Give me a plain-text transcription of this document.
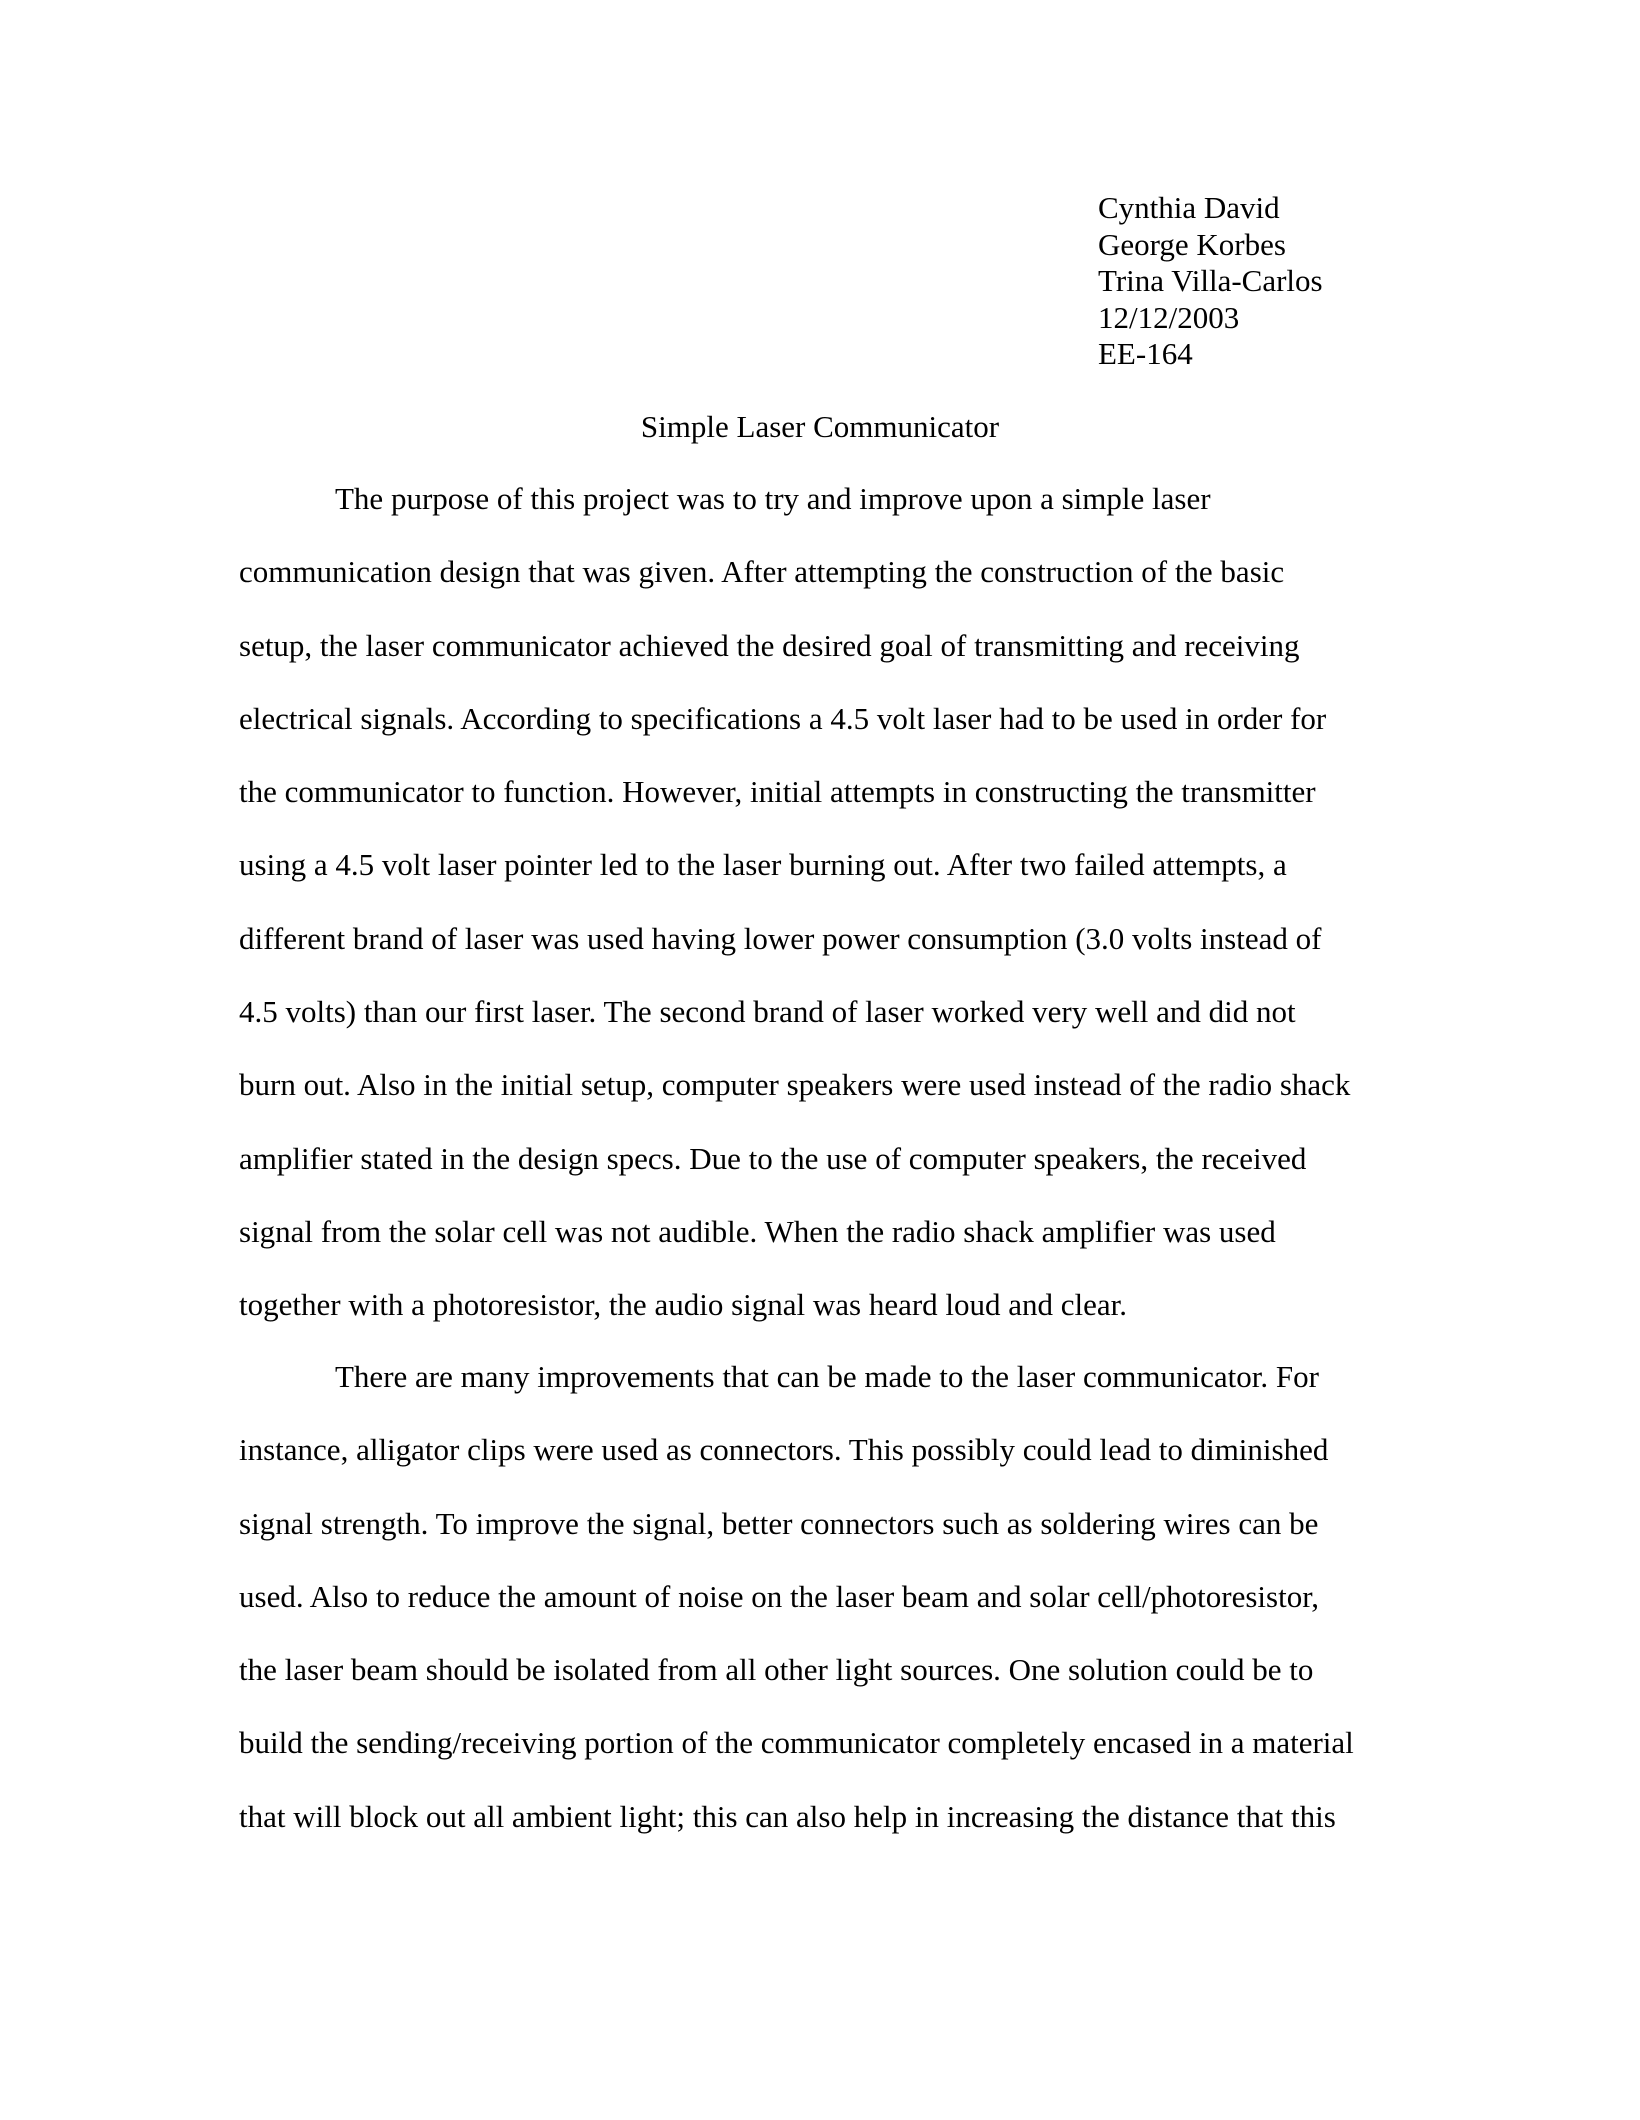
Cynthia David
George Korbes
Trina Villa-Carlos
12/12/2003
EE-164
Simple Laser Communicator
The purpose of this project was to try and improve upon a simple laser
communication design that was given. After attempting the construction of the basic
setup, the laser communicator achieved the desired goal of transmitting and receiving
electrical signals. According to specifications a 4.5 volt laser had to be used in order for
the communicator to function. However, initial attempts in constructing the transmitter
using a 4.5 volt laser pointer led to the laser burning out. After two failed attempts, a
different brand of laser was used having lower power consumption (3.0 volts instead of
4.5 volts) than our first laser. The second brand of laser worked very well and did not
burn out. Also in the initial setup, computer speakers were used instead of the radio shack
amplifier stated in the design specs. Due to the use of computer speakers, the received
signal from the solar cell was not audible. When the radio shack amplifier was used
together with a photoresistor, the audio signal was heard loud and clear.
There are many improvements that can be made to the laser communicator. For
instance, alligator clips were used as connectors. This possibly could lead to diminished
signal strength. To improve the signal, better connectors such as soldering wires can be
used. Also to reduce the amount of noise on the laser beam and solar cell/photoresistor,
the laser beam should be isolated from all other light sources. One solution could be to
build the sending/receiving portion of the communicator completely encased in a material
that will block out all ambient light; this can also help in increasing the distance that this
